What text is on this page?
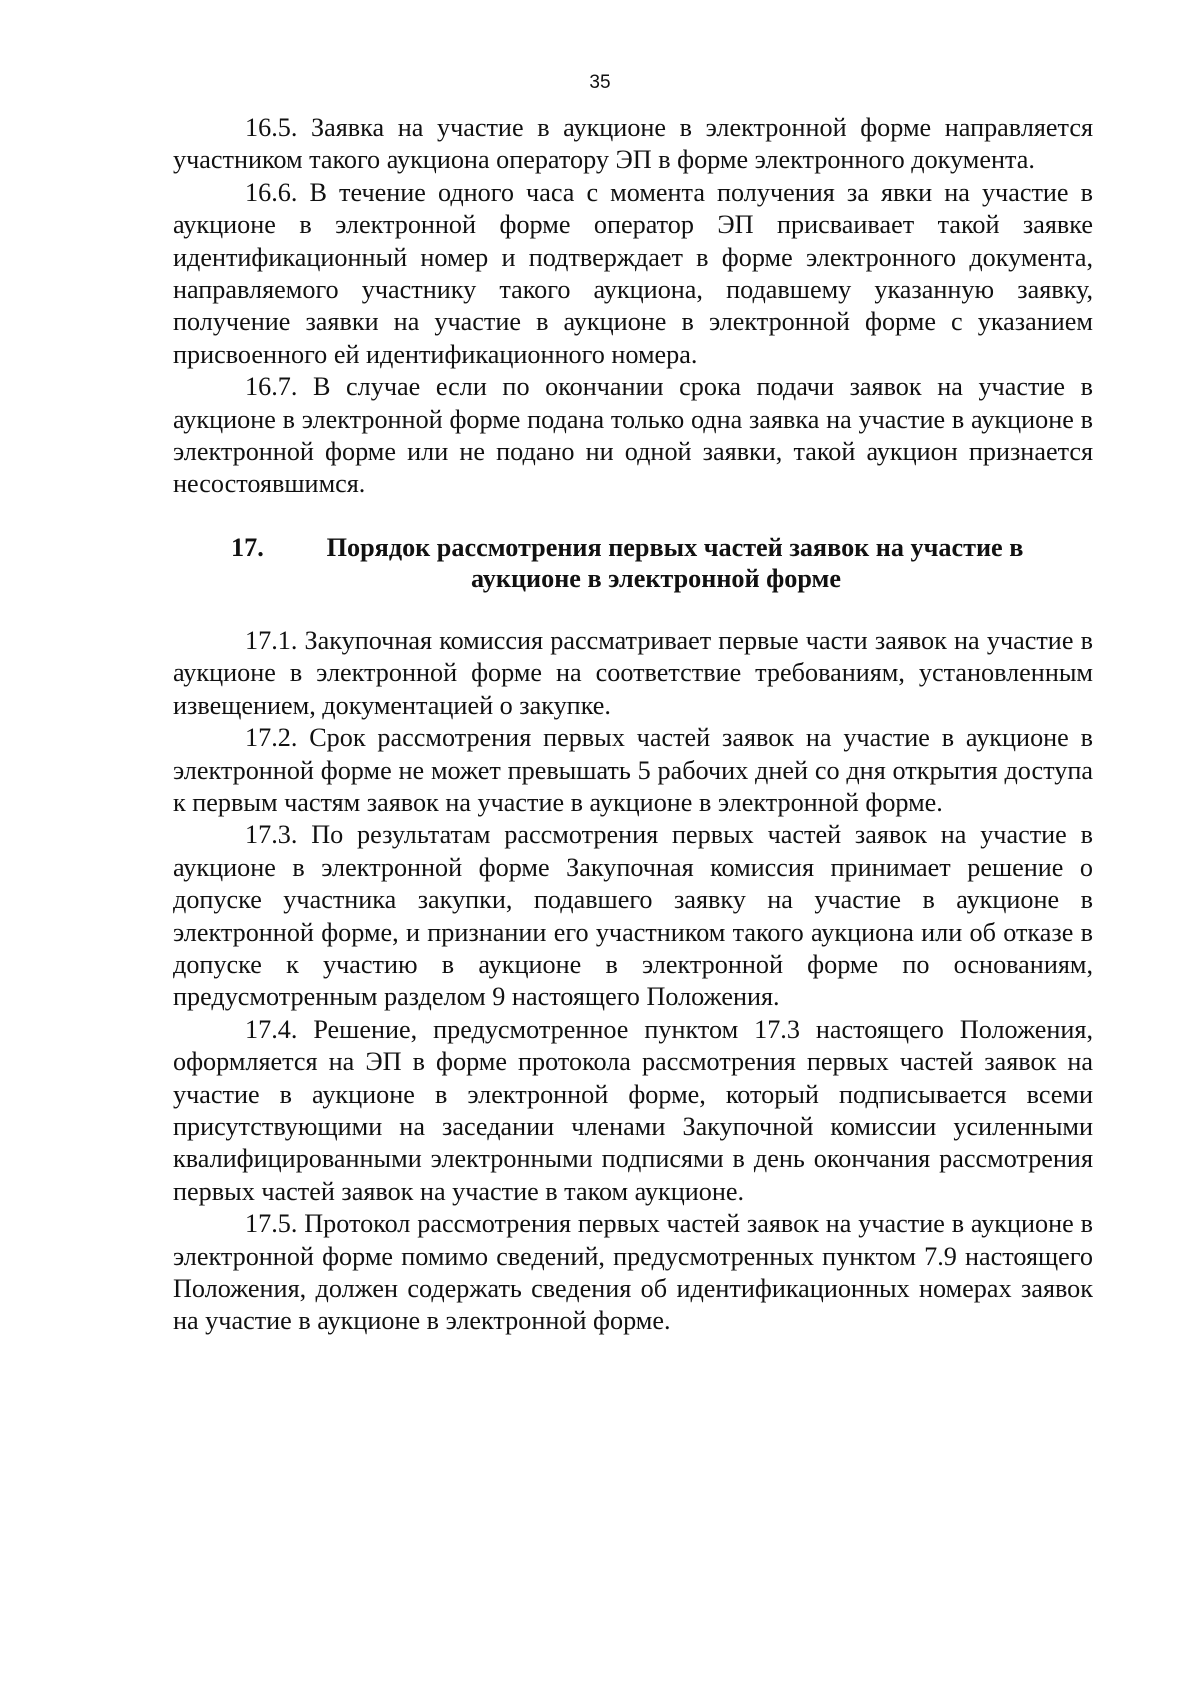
35

16.5. Заявка на участие в аукционе в электронной форме направляется участником такого аукциона оператору ЭП в форме электронного документа.

16.6. В течение одного часа с момента получения за явки на участие в аукционе в электронной форме оператор ЭП присваивает такой заявке идентификационный номер и подтверждает в форме электронного документа, направляемого участнику такого аукциона, подавшему указанную заявку, получение заявки на участие в аукционе в электронной форме с указанием присвоенного ей идентификационного номера.

16.7. В случае если по окончании срока подачи заявок на участие в аукционе в электронной форме подана только одна заявка на участие в аукционе в электронной форме или не подано ни одной заявки, такой аукцион признается несостоявшимся.

17.	Порядок рассмотрения первых частей заявок на участие в
аукционе в электронной форме

17.1. Закупочная комиссия рассматривает первые части заявок на участие в аукционе в электронной форме на соответствие требованиям, установленным извещением, документацией о закупке.

17.2. Срок рассмотрения первых частей заявок на участие в аукционе в электронной форме не может превышать 5 рабочих дней со дня открытия доступа к первым частям заявок на участие в аукционе в электронной форме.

17.3. По результатам рассмотрения первых частей заявок на участие в аукционе в электронной форме Закупочная комиссия принимает решение о допуске участника закупки, подавшего заявку на участие в аукционе в электронной форме, и признании его участником такого аукциона или об отказе в допуске к участию в аукционе в электронной форме по основаниям, предусмотренным разделом 9 настоящего Положения.

17.4. Решение, предусмотренное пунктом 17.3 настоящего Положения, оформляется на ЭП в форме протокола рассмотрения первых частей заявок на участие в аукционе в электронной форме, который подписывается всеми присутствующими на заседании членами Закупочной комиссии усиленными квалифицированными электронными подписями в день окончания рассмотрения первых частей заявок на участие в таком аукционе.

17.5. Протокол рассмотрения первых частей заявок на участие в аукционе в электронной форме помимо сведений, предусмотренных пунктом 7.9 настоящего Положения, должен содержать сведения об идентификационных номерах заявок на участие в аукционе в электронной форме.
